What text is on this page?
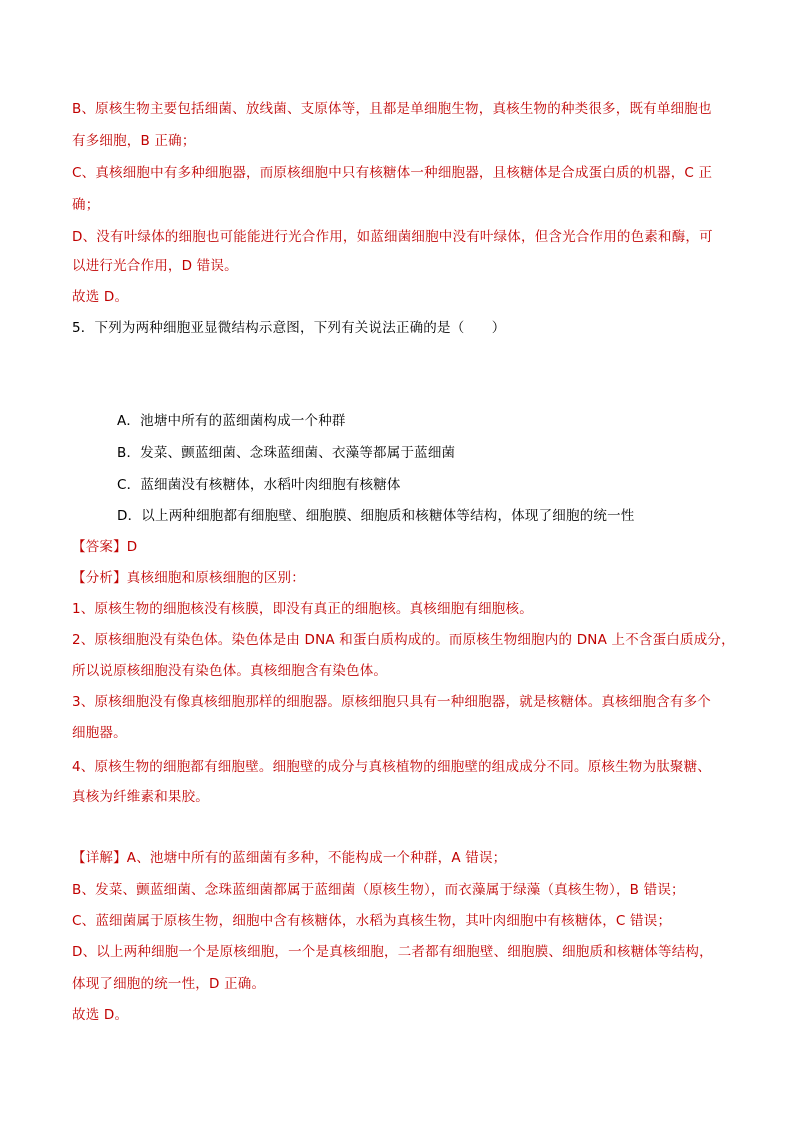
B、原核生物主要包括细菌、放线菌、支原体等，且都是单细胞生物，真核生物的种类很多，既有单细胞也
有多细胞，B 正确；
C、真核细胞中有多种细胞器，而原核细胞中只有核糖体一种细胞器，且核糖体是合成蛋白质的机器，C 正
确；
D、没有叶绿体的细胞也可能能进行光合作用，如蓝细菌细胞中没有叶绿体，但含光合作用的色素和酶，可
以进行光合作用，D 错误。
故选 D。
5．下列为两种细胞亚显微结构示意图，下列有关说法正确的是（　　）
A．池塘中所有的蓝细菌构成一个种群
B．发菜、颤蓝细菌、念珠蓝细菌、衣藻等都属于蓝细菌
C．蓝细菌没有核糖体，水稻叶肉细胞有核糖体
D．以上两种细胞都有细胞壁、细胞膜、细胞质和核糖体等结构，体现了细胞的统一性
【答案】D
【分析】真核细胞和原核细胞的区别：
1、原核生物的细胞核没有核膜，即没有真正的细胞核。真核细胞有细胞核。
2、原核细胞没有染色体。染色体是由 DNA 和蛋白质构成的。而原核生物细胞内的 DNA 上不含蛋白质成分，
所以说原核细胞没有染色体。真核细胞含有染色体。
3、原核细胞没有像真核细胞那样的细胞器。原核细胞只具有一种细胞器，就是核糖体。真核细胞含有多个
细胞器。
4、原核生物的细胞都有细胞壁。细胞壁的成分与真核植物的细胞壁的组成成分不同。原核生物为肽聚糖、
真核为纤维素和果胶。
【详解】A、池塘中所有的蓝细菌有多种，不能构成一个种群，A 错误；
B、发菜、颤蓝细菌、念珠蓝细菌都属于蓝细菌（原核生物），而衣藻属于绿藻（真核生物），B 错误；
C、蓝细菌属于原核生物，细胞中含有核糖体，水稻为真核生物，其叶肉细胞中有核糖体，C 错误；
D、以上两种细胞一个是原核细胞，一个是真核细胞，二者都有细胞壁、细胞膜、细胞质和核糖体等结构，
体现了细胞的统一性，D 正确。
故选 D。
